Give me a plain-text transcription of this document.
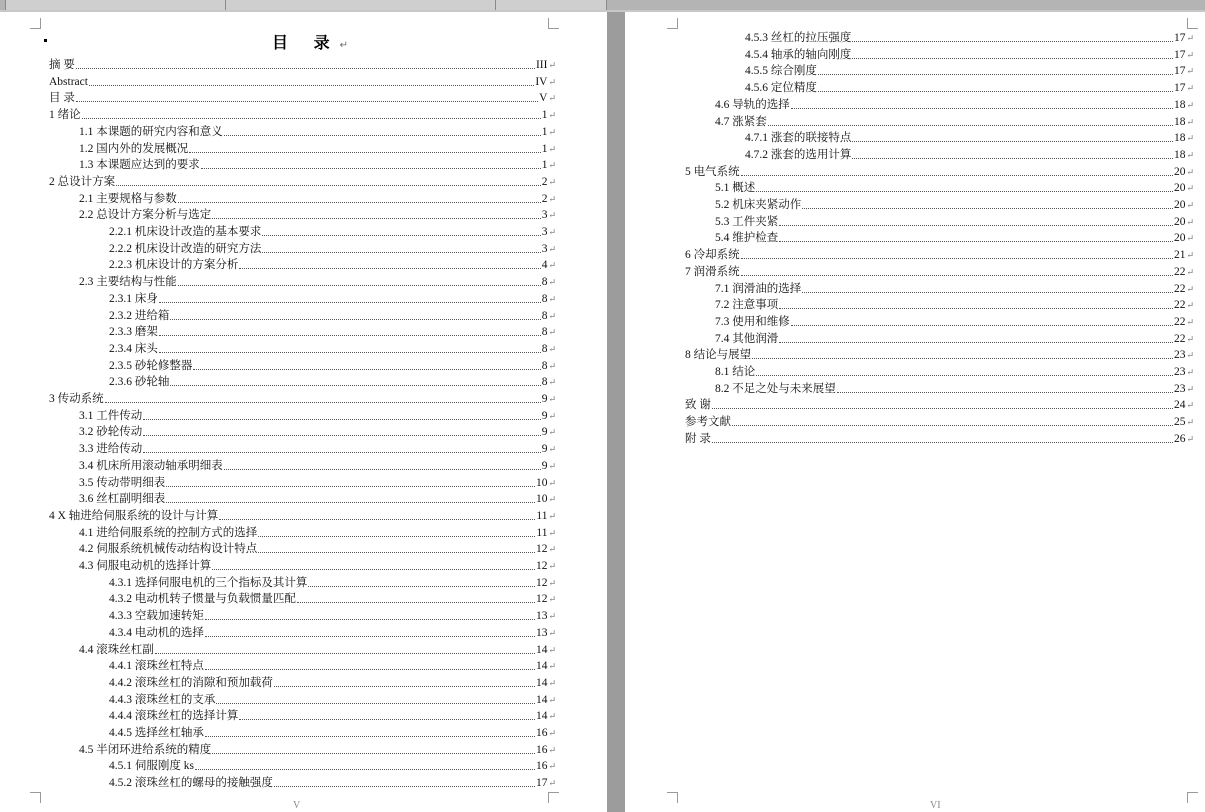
目 录↵
摘 要	III ↵
Abstract	IV ↵
目 录	V ↵
1 绪论	1 ↵
1.1 本课题的研究内容和意义	1 ↵
1.2 国内外的发展概况	1 ↵
1.3 本课题应达到的要求	1 ↵
2 总设计方案	2 ↵
2.1 主要规格与参数	2 ↵
2.2 总设计方案分析与选定	3 ↵
2.2.1 机床设计改造的基本要求	3 ↵
2.2.2 机床设计改造的研究方法	3 ↵
2.2.3 机床设计的方案分析	4 ↵
2.3 主要结构与性能	8 ↵
2.3.1 床身	8 ↵
2.3.2 进给箱	8 ↵
2.3.3 磨架	8 ↵
2.3.4 床头	8 ↵
2.3.5 砂轮修整器	8 ↵
2.3.6 砂轮轴	8 ↵
3 传动系统	9 ↵
3.1 工件传动	9 ↵
3.2 砂轮传动	9 ↵
3.3 进给传动	9 ↵
3.4 机床所用滚动轴承明细表	9 ↵
3.5 传动带明细表	10 ↵
3.6 丝杠副明细表	10 ↵
4 X 轴进给伺服系统的设计与计算	11 ↵
4.1 进给伺服系统的控制方式的选择	11 ↵
4.2 伺服系统机械传动结构设计特点	12 ↵
4.3 伺服电动机的选择计算	12 ↵
4.3.1 选择伺服电机的三个指标及其计算	12 ↵
4.3.2 电动机转子惯量与负载惯量匹配	12 ↵
4.3.3 空载加速转矩	13 ↵
4.3.4 电动机的选择	13 ↵
4.4 滚珠丝杠副	14 ↵
4.4.1 滚珠丝杠特点	14 ↵
4.4.2 滚珠丝杠的消隙和预加载荷	14 ↵
4.4.3 滚珠丝杠的支承	14 ↵
4.4.4 滚珠丝杠的选择计算	14 ↵
4.4.5 选择丝杠轴承	16 ↵
4.5 半闭环进给系统的精度	16 ↵
4.5.1 伺服刚度 ks	16 ↵
4.5.2 滚珠丝杠的螺母的接触强度	17 ↵
V
4.5.3 丝杠的拉压强度	17 ↵
4.5.4 轴承的轴向刚度	17 ↵
4.5.5 综合刚度	17 ↵
4.5.6 定位精度	17 ↵
4.6 导轨的选择	18 ↵
4.7 涨紧套	18 ↵
4.7.1 涨套的联接特点	18 ↵
4.7.2 涨套的选用计算	18 ↵
5 电气系统	20 ↵
5.1 概述	20 ↵
5.2 机床夹紧动作	20 ↵
5.3 工件夹紧	20 ↵
5.4 维护检查	20 ↵
6 冷却系统	21 ↵
7 润滑系统	22 ↵
7.1 润滑油的选择	22 ↵
7.2 注意事项	22 ↵
7.3 使用和维修	22 ↵
7.4 其他润滑	22 ↵
8 结论与展望	23 ↵
8.1 结论	23 ↵
8.2 不足之处与未来展望	23 ↵
致 谢	24 ↵
参考文献	25 ↵
附 录	26 ↵
VI
